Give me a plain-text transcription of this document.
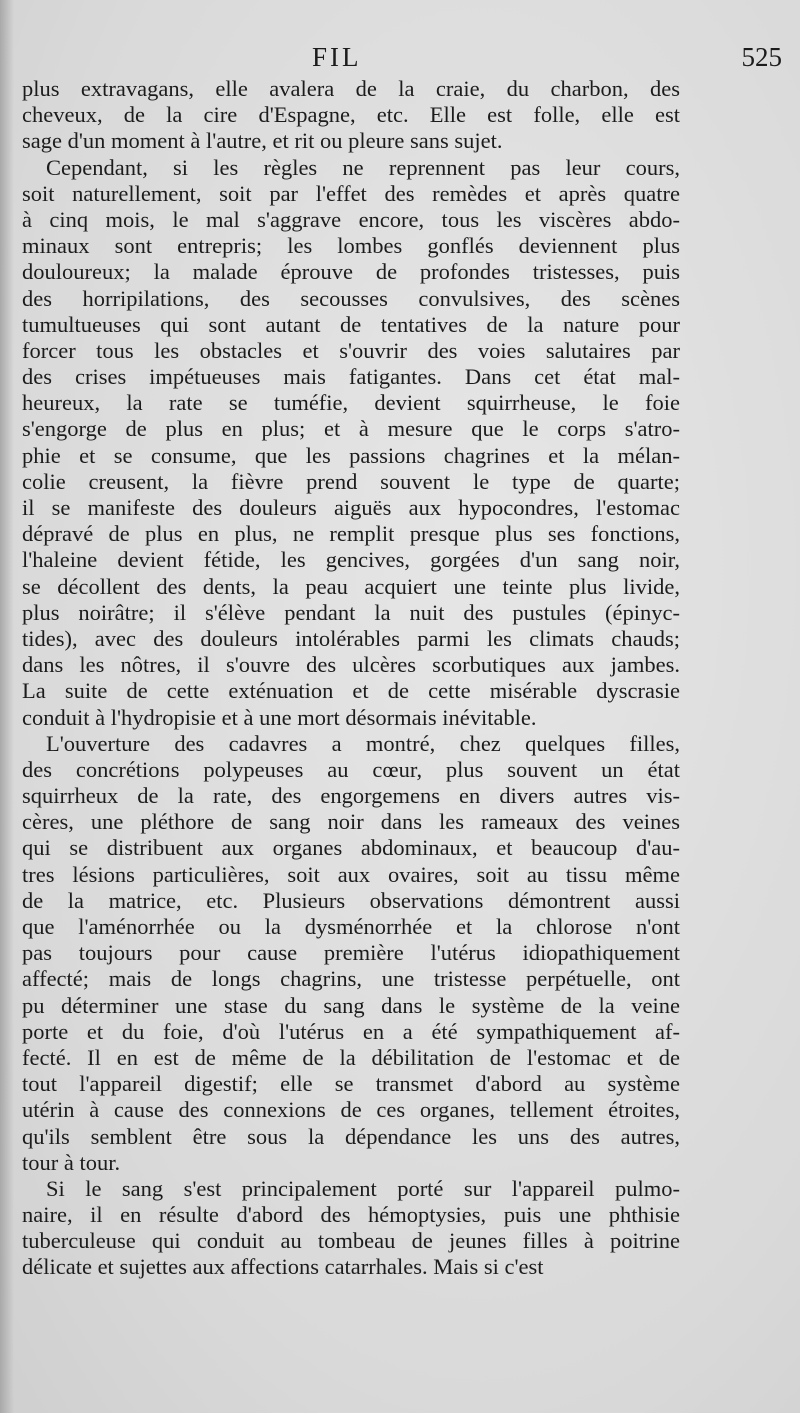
FIL	525
plus extravagans, elle avalera de la craie, du charbon, des
cheveux, de la cire d'Espagne, etc. Elle est folle, elle est
sage d'un moment à l'autre, et rit ou pleure sans sujet.
Cependant, si les règles ne reprennent pas leur cours,
soit naturellement, soit par l'effet des remèdes et après quatre
à cinq mois, le mal s'aggrave encore, tous les viscères abdo-
minaux sont entrepris; les lombes gonflés deviennent plus
douloureux; la malade éprouve de profondes tristesses, puis
des horripilations, des secousses convulsives, des scènes
tumultueuses qui sont autant de tentatives de la nature pour
forcer tous les obstacles et s'ouvrir des voies salutaires par
des crises impétueuses mais fatigantes. Dans cet état mal-
heureux, la rate se tuméfie, devient squirrheuse, le foie
s'engorge de plus en plus; et à mesure que le corps s'atro-
phie et se consume, que les passions chagrines et la mélan-
colie creusent, la fièvre prend souvent le type de quarte;
il se manifeste des douleurs aiguës aux hypocondres, l'estomac
dépravé de plus en plus, ne remplit presque plus ses fonctions,
l'haleine devient fétide, les gencives, gorgées d'un sang noir,
se décollent des dents, la peau acquiert une teinte plus livide,
plus noirâtre; il s'élève pendant la nuit des pustules (épinyc-
tides), avec des douleurs intolérables parmi les climats chauds;
dans les nôtres, il s'ouvre des ulcères scorbutiques aux jambes.
La suite de cette exténuation et de cette misérable dyscrasie
conduit à l'hydropisie et à une mort désormais inévitable.
L'ouverture des cadavres a montré, chez quelques filles,
des concrétions polypeuses au cœur, plus souvent un état
squirrheux de la rate, des engorgemens en divers autres vis-
cères, une pléthore de sang noir dans les rameaux des veines
qui se distribuent aux organes abdominaux, et beaucoup d'au-
tres lésions particulières, soit aux ovaires, soit au tissu même
de la matrice, etc. Plusieurs observations démontrent aussi
que l'aménorrhée ou la dysménorrhée et la chlorose n'ont
pas toujours pour cause première l'utérus idiopathiquement
affecté; mais de longs chagrins, une tristesse perpétuelle, ont
pu déterminer une stase du sang dans le système de la veine
porte et du foie, d'où l'utérus en a été sympathiquement af-
fecté. Il en est de même de la débilitation de l'estomac et de
tout l'appareil digestif; elle se transmet d'abord au système
utérin à cause des connexions de ces organes, tellement étroites,
qu'ils semblent être sous la dépendance les uns des autres,
tour à tour.
Si le sang s'est principalement porté sur l'appareil pulmo-
naire, il en résulte d'abord des hémoptysies, puis une phthisie
tuberculeuse qui conduit au tombeau de jeunes filles à poitrine
délicate et sujettes aux affections catarrhales. Mais si c'est
